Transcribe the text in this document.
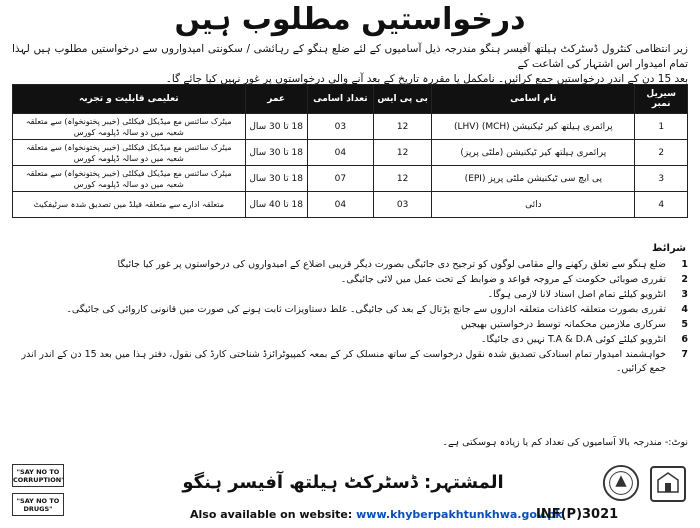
درخواستیں مطلوب ہیں

زیر انتظامی کنٹرول ڈسٹرکٹ ہیلتھ آفیسر ہنگو مندرجہ ذیل آسامیوں کے لئے ضلع ہنگو کے رہائشی / سکونتی امیدواروں سے درخواستیں مطلوب ہیں لہذا تمام امیدوار اس اشتہار کی اشاعت کے

بعد 15 دن کے اندر درخواستیں جمع کرائیں۔ نامکمل یا مقررہ تاریخ کے بعد آنے والی درخواستوں پر غور نہیں کیا جائے گا۔

سیریل نمبر	نام اسامی	بی پی ایس	تعداد اسامی	عمر	تعلیمی قابلیت و تجربہ
1	پرائمری ہیلتھ کیر ٹیکنیشن (MCH) (LHV)	12	03	18 تا 30 سال	میٹرک سائنس مع میڈیکل فیکلٹی (خیبر پختونخواہ) سے متعلقہ شعبہ میں دو سالہ ڈپلومہ کورس
2	پرائمری ہیلتھ کیر ٹیکنیشن (ملٹی پرپز)	12	04	18 تا 30 سال	میٹرک سائنس مع میڈیکل فیکلٹی (خیبر پختونخواہ) سے متعلقہ شعبہ میں دو سالہ ڈپلومہ کورس
3	پی ایچ سی ٹیکنیشن ملٹی پرپز (EPI)	12	07	18 تا 30 سال	میٹرک سائنس مع میڈیکل فیکلٹی (خیبر پختونخواہ) سے متعلقہ شعبہ میں دو سالہ ڈپلومہ کورس
4	دائی	03	04	18 تا 40 سال	متعلقہ ادارے سے متعلقہ فیلڈ میں تصدیق شدہ سرٹیفکیٹ
شرائط
1
ضلع ہنگو سے تعلق رکھنے والے مقامی لوگوں کو ترجیح دی جائیگی بصورت دیگر قریبی اضلاع کے امیدواروں کی درخواستوں پر غور کیا جائیگا
2
تقرری صوبائی حکومت کے مروجہ قواعد و ضوابط کے تحت عمل میں لائی جائیگی۔
3
انٹرویو کیلئے تمام اصل اسناد لانا لازمی ہوگا۔
4
تقرری بصورت متعلقہ کاغذات متعلقہ اداروں سے جانچ پڑتال کے بعد کی جائیگی۔ غلط دستاویزات ثابت ہونے کی صورت میں قانونی کاروائی کی جائیگی۔
5
سرکاری ملازمین محکمانہ توسط درخواستیں بھیجیں
6
انٹرویو کیلئے کوئی T.A & D.A نہیں دی جائیگا۔
7
خواہشمند امیدوار تمام اسنادکی تصدیق شدہ نقول درخواست کے ساتھ منسلک کر کے بمعہ کمپیوٹرائزڈ شناختی کارڈ کی نقول، دفتر ہذا میں بعد 15 دن کے اندر اندر جمع کرائیں۔
نوٹ:- مندرجہ بالا آسامیوں کی تعداد کم یا زیادہ ہوسکتی ہے۔
"SAY NO TO CORRUPTION"
"SAY NO TO DRUGS"
المشتہر: ڈسٹرکٹ ہیلتھ آفیسر ہنگو
Also available on website: www.khyberpakhtunkhwa.gov.pk
INF(P)3021
